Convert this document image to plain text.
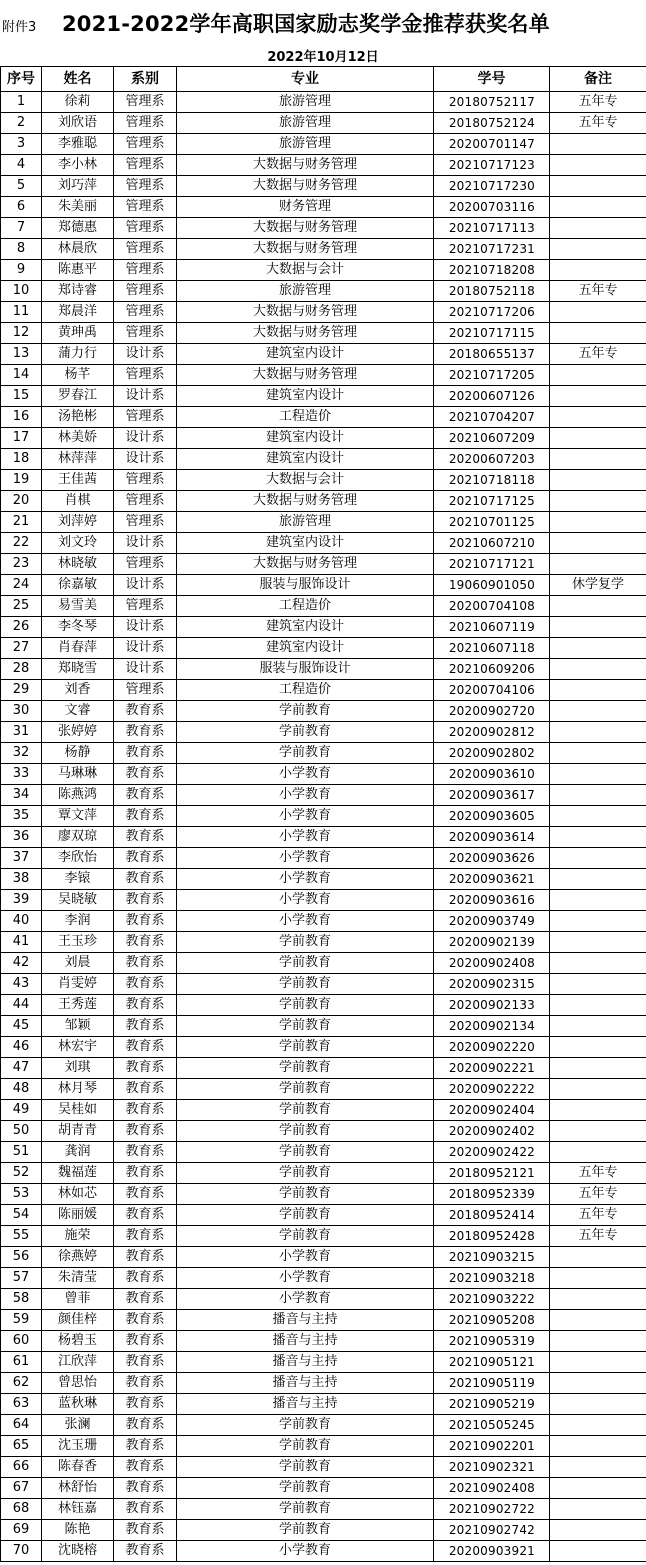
附件3 2021-2022学年高职国家励志奖学金推荐获奖名单
2022年10月12日
序号	姓名	系别	专业	学号	备注
1	徐莉	管理系	旅游管理	20180752117	五年专
2	刘欣语	管理系	旅游管理	20180752124	五年专
3	李雅聪	管理系	旅游管理	20200701147	
4	李小林	管理系	大数据与财务管理	20210717123	
5	刘巧萍	管理系	大数据与财务管理	20210717230	
6	朱美丽	管理系	财务管理	20200703116	
7	郑德惠	管理系	大数据与财务管理	20210717113	
8	林晨欣	管理系	大数据与财务管理	20210717231	
9	陈惠平	管理系	大数据与会计	20210718208	
10	郑诗睿	管理系	旅游管理	20180752118	五年专
11	郑晨洋	管理系	大数据与财务管理	20210717206	
12	黄珅禹	管理系	大数据与财务管理	20210717115	
13	蒲力行	设计系	建筑室内设计	20180655137	五年专
14	杨芊	管理系	大数据与财务管理	20210717205	
15	罗春江	设计系	建筑室内设计	20200607126	
16	汤艳彬	管理系	工程造价	20210704207	
17	林美娇	设计系	建筑室内设计	20210607209	
18	林萍萍	设计系	建筑室内设计	20200607203	
19	王佳茜	管理系	大数据与会计	20210718118	
20	肖棋	管理系	大数据与财务管理	20210717125	
21	刘萍婷	管理系	旅游管理	20210701125	
22	刘文玲	设计系	建筑室内设计	20210607210	
23	林晓敏	管理系	大数据与财务管理	20210717121	
24	徐嘉敏	设计系	服装与服饰设计	19060901050	休学复学
25	易雪美	管理系	工程造价	20200704108	
26	李冬琴	设计系	建筑室内设计	20210607119	
27	肖春萍	设计系	建筑室内设计	20210607118	
28	郑晓雪	设计系	服装与服饰设计	20210609206	
29	刘香	管理系	工程造价	20200704106	
30	文睿	教育系	学前教育	20200902720	
31	张婷婷	教育系	学前教育	20200902812	
32	杨静	教育系	学前教育	20200902802	
33	马琳琳	教育系	小学教育	20200903610	
34	陈燕鸿	教育系	小学教育	20200903617	
35	覃文萍	教育系	小学教育	20200903605	
36	廖双琼	教育系	小学教育	20200903614	
37	李欣怡	教育系	小学教育	20200903626	
38	李锿	教育系	小学教育	20200903621	
39	吴晓敏	教育系	小学教育	20200903616	
40	李润	教育系	小学教育	20200903749	
41	王玉珍	教育系	学前教育	20200902139	
42	刘晨	教育系	学前教育	20200902408	
43	肖雯婷	教育系	学前教育	20200902315	
44	王秀莲	教育系	学前教育	20200902133	
45	邹颖	教育系	学前教育	20200902134	
46	林宏宇	教育系	学前教育	20200902220	
47	刘琪	教育系	学前教育	20200902221	
48	林月琴	教育系	学前教育	20200902222	
49	吴桂如	教育系	学前教育	20200902404	
50	胡青青	教育系	学前教育	20200902402	
51	龚润	教育系	学前教育	20200902422	
52	魏福莲	教育系	学前教育	20180952121	五年专
53	林如芯	教育系	学前教育	20180952339	五年专
54	陈丽媛	教育系	学前教育	20180952414	五年专
55	施荣	教育系	学前教育	20180952428	五年专
56	徐燕婷	教育系	小学教育	20210903215	
57	朱清莹	教育系	小学教育	20210903218	
58	曾菲	教育系	小学教育	20210903222	
59	颜佳梓	教育系	播音与主持	20210905208	
60	杨碧玉	教育系	播音与主持	20210905319	
61	江欣萍	教育系	播音与主持	20210905121	
62	曾思怡	教育系	播音与主持	20210905119	
63	蓝秋琳	教育系	播音与主持	20210905219	
64	张澜	教育系	学前教育	20210505245	
65	沈玉珊	教育系	学前教育	20210902201	
66	陈春香	教育系	学前教育	20210902321	
67	林舒怡	教育系	学前教育	20210902408	
68	林钰嘉	教育系	学前教育	20210902722	
69	陈艳	教育系	学前教育	20210902742	
70	沈晓榕	教育系	小学教育	20200903921	
